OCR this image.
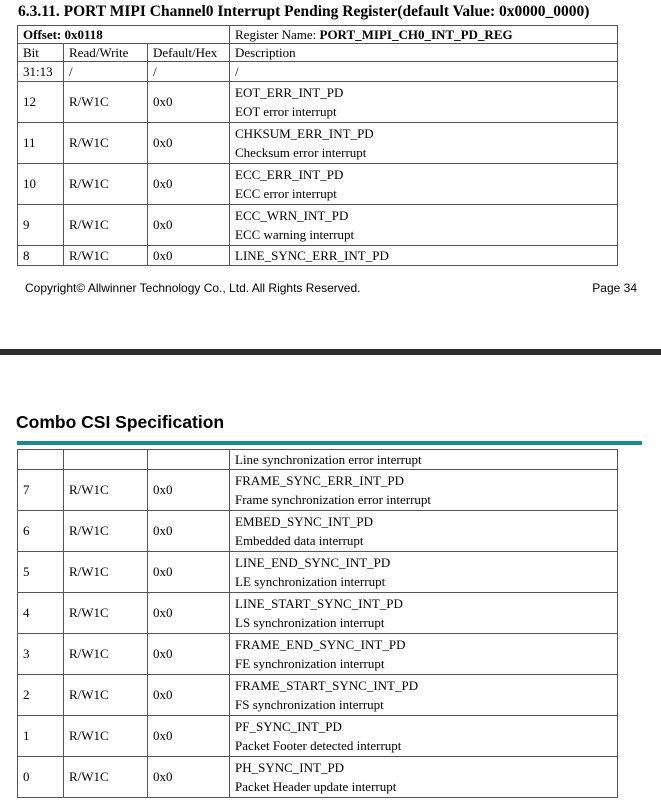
6.3.11. PORT MIPI Channel0 Interrupt Pending Register(default Value: 0x0000_0000)
Offset: 0x0118			Register Name: PORT_MIPI_CH0_INT_PD_REG
Bit	Read/Write	Default/Hex	Description
31:13	/	/	/

12	R/W1C	0x0	EOT_ERR_INT_PD
EOT error interrupt

11	R/W1C	0x0	CHKSUM_ERR_INT_PD
Checksum error interrupt

10	R/W1C	0x0	ECC_ERR_INT_PD
ECC error interrupt

9	R/W1C	0x0	ECC_WRN_INT_PD
ECC warning interrupt

8	R/W1C	0x0	LINE_SYNC_ERR_INT_PD
Copyright© Allwinner Technology Co., Ltd. All Rights Reserved.	Page 34
Combo CSI Specification
			Line synchronization error interrupt
7	R/W1C	0x0	FRAME_SYNC_ERR_INT_PD
Frame synchronization error interrupt

6	R/W1C	0x0	EMBED_SYNC_INT_PD
Embedded data interrupt

5	R/W1C	0x0	LINE_END_SYNC_INT_PD
LE synchronization interrupt

4	R/W1C	0x0	LINE_START_SYNC_INT_PD
LS synchronization interrupt

3	R/W1C	0x0	FRAME_END_SYNC_INT_PD
FE synchronization interrupt

2	R/W1C	0x0	FRAME_START_SYNC_INT_PD
FS synchronization interrupt

1	R/W1C	0x0	PF_SYNC_INT_PD
Packet Footer detected interrupt

0	R/W1C	0x0	PH_SYNC_INT_PD
Packet Header update interrupt
